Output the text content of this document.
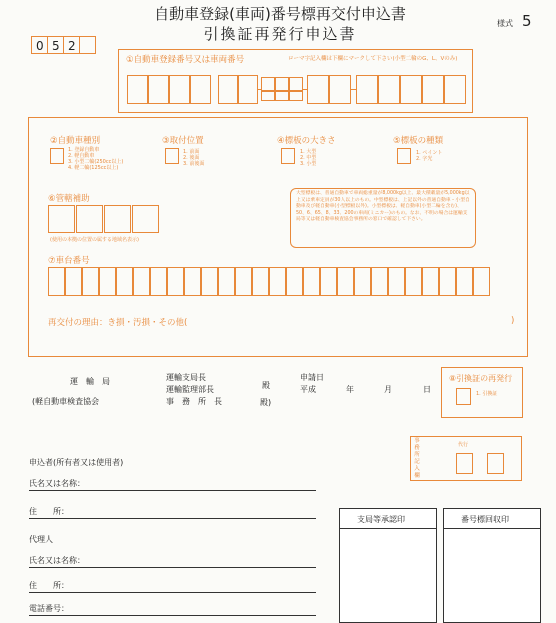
自動車登録(車両)番号標再交付申込書
引換証再発行申込書
様式 5
0 5 2
①自動車登録番号又は車両番号	ローマ字記入欄は下欄にマークして下さい(小型二輪のG、L、Vのみ)
②自動車種別
1. 登録自動車
2. 軽自動車
3. 小型二輪(250cc以上)
4. 軽二輪(125cc以上)
③取付位置
1. 前面
2. 後面
3. 前後面
④標板の大きさ
1. 大型
2. 中型
3. 小型
⑤標板の種類
1. ペイント
2. 字光
⑥管轄補助
(使用の本拠の位置の属する地域名表示)
大型標板は、普通自動車で車両総重量が8,000kg以上、最大積載量が5,000kg以上又は乗車定員が30人以上のもの。中型標板は、上記以外の普通自動車・小型自動車及び軽自動車(小型標板以外)。小型標板は、軽自動車(小型二輪を含む)、50、6、65、8、33、200の車両(ミニカー)のもの。なお、不明の場合は運輸支局等又は軽自動車検査協会事務所の窓口で確認して下さい。
⑦車台番号
再交付の理由：き損・汚損・その他(	)
運　輸　局
(軽自動車検査協会
運輸支局長
運輸監理部長
事　務　所　長
殿
殿)
申請日
平成	年	月	日
⑧引換証の再発行
1. 引換証
事務所記入欄
代行
申込者(所有者又は使用者)
氏名又は名称：
住　　所：
代理人
氏名又は名称：
住　　所：
電話番号：
支局等承認印	番号標回収印
